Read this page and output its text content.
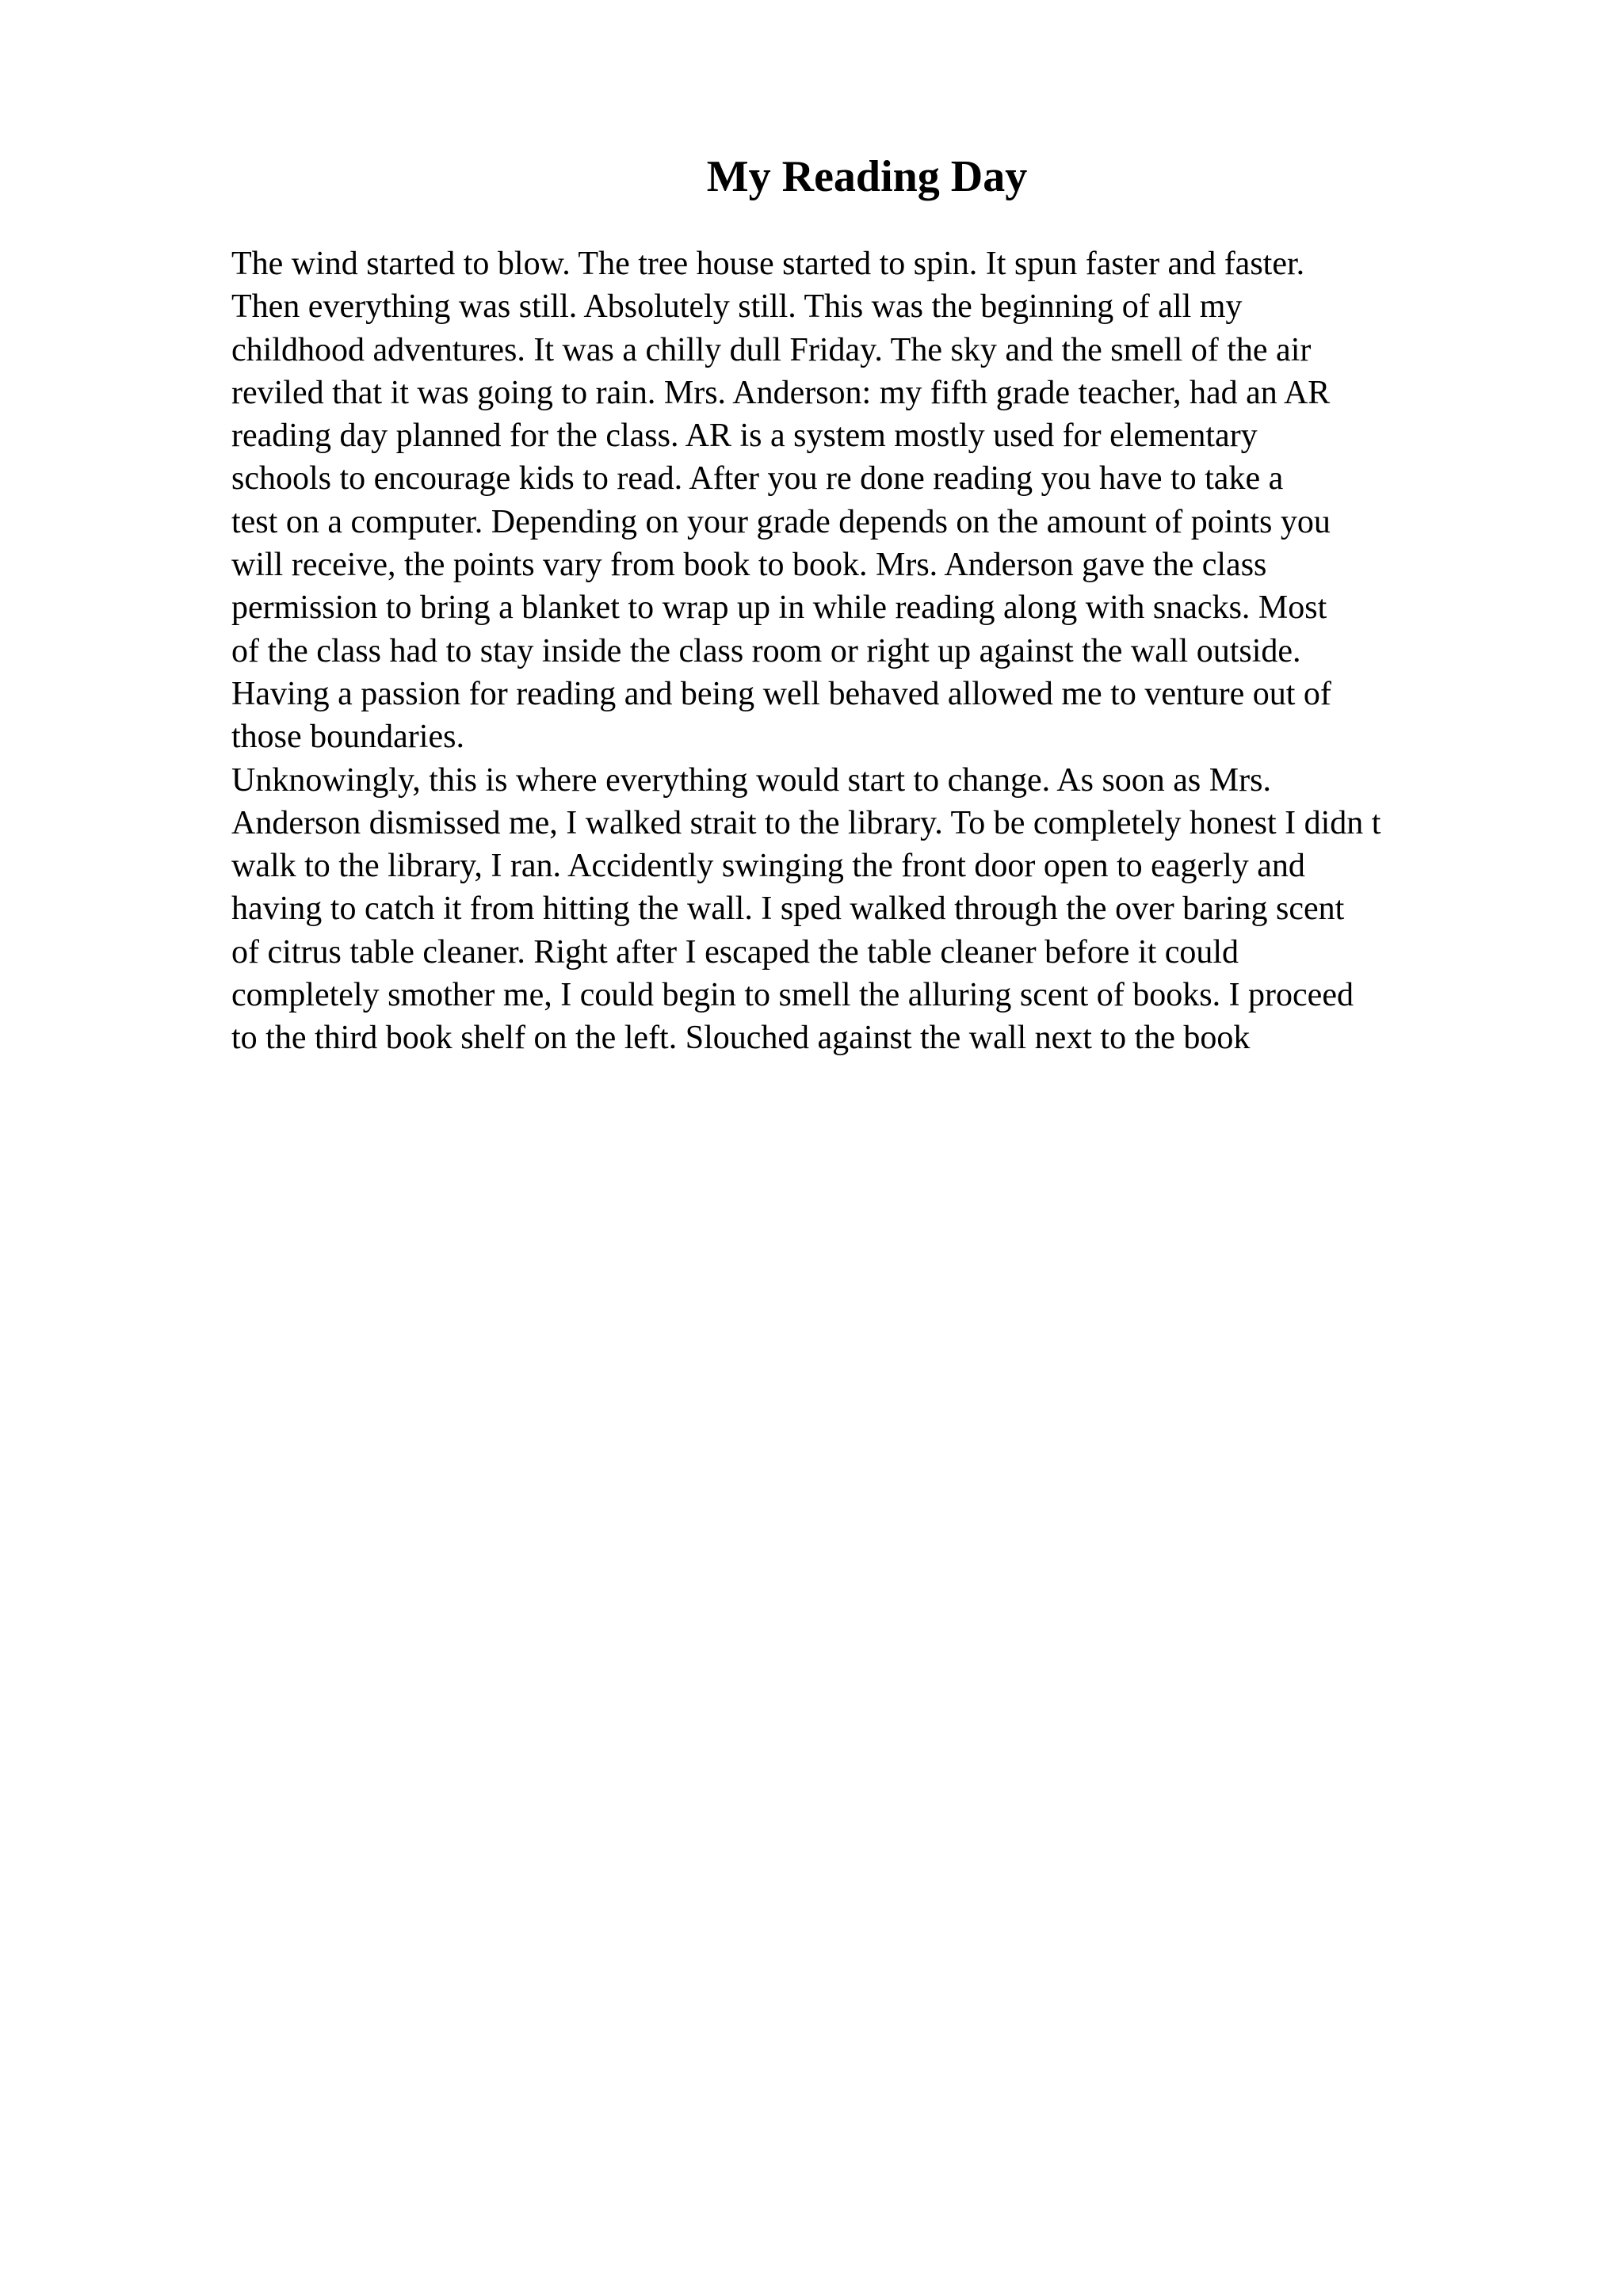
My Reading Day
The wind started to blow. The tree house started to spin. It spun faster and faster.
Then everything was still. Absolutely still. This was the beginning of all my
childhood adventures. It was a chilly dull Friday. The sky and the smell of the air
reviled that it was going to rain. Mrs. Anderson: my fifth grade teacher, had an AR
reading day planned for the class. AR is a system mostly used for elementary
schools to encourage kids to read. After you re done reading you have to take a
test on a computer. Depending on your grade depends on the amount of points you
will receive, the points vary from book to book. Mrs. Anderson gave the class
permission to bring a blanket to wrap up in while reading along with snacks. Most
of the class had to stay inside the class room or right up against the wall outside.
Having a passion for reading and being well behaved allowed me to venture out of
those boundaries.
Unknowingly, this is where everything would start to change. As soon as Mrs.
Anderson dismissed me, I walked strait to the library. To be completely honest I didn t
walk to the library, I ran. Accidently swinging the front door open to eagerly and
having to catch it from hitting the wall. I sped walked through the over baring scent
of citrus table cleaner. Right after I escaped the table cleaner before it could
completely smother me, I could begin to smell the alluring scent of books. I proceed
to the third book shelf on the left. Slouched against the wall next to the book
